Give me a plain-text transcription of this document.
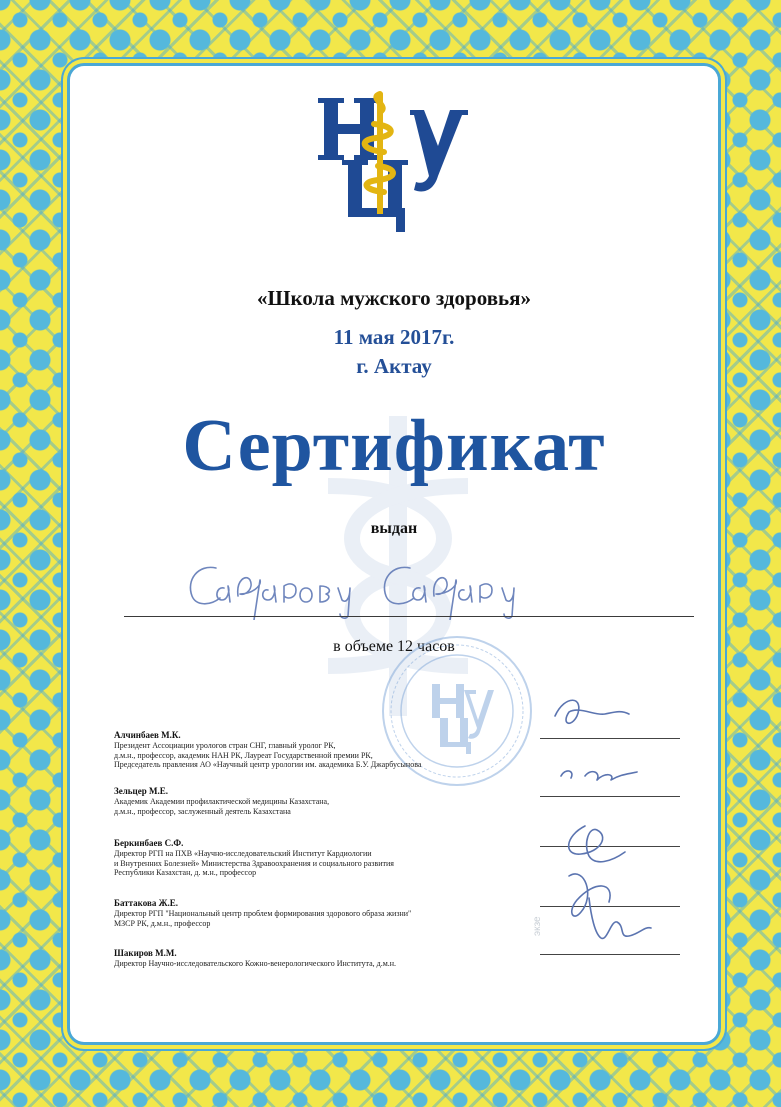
«Школа мужского здоровья»
11 мая 2017г.
г. Актау
Сертификат
выдан
в объеме 12 часов
Алчинбаев М.К.
Президент Ассоциации урологов стран СНГ, главный уролог РК,
д.м.н., профессор, академик НАН РК, Лауреат Государственной премии РК,
Председатель правления АО «Научный центр урологии им. академика Б.У. Джарбусынова
Зельцер М.Е.
Академик Академии профилактической медицины Казахстана,
д.м.н., профессор, заслуженный деятель Казахстана
Беркинбаев С.Ф.
Директор РГП на ПХВ «Научно-исследовательский Институт Кардиологии
и Внутренних Болезней» Министерства Здравоохранения и социального развития
Республики Казахстан, д. м.н., профессор
Баттакова Ж.Е.
Директор РГП "Национальный центр проблем формирования здорового образа жизни"
МЗСР РК, д.м.н., профессор
Шакиров М.М.
Директор Научно-исследовательского Кожно-венерологического Института, д.м.н.
экзе
